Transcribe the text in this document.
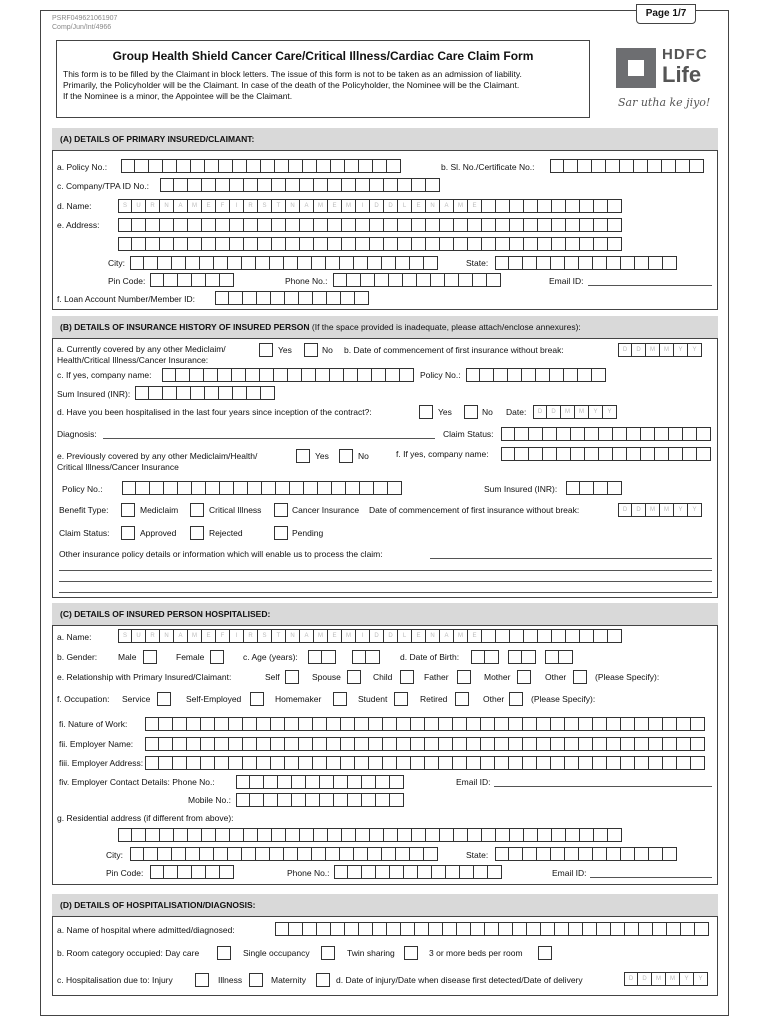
Page 1/7
PSRF049621061907
Comp/Jun/Int/4966
Group Health Shield Cancer Care/Critical Illness/Cardiac Care Claim Form
This form is to be filled by the Claimant in block letters. The issue of this form is not to be taken as an admission of liability.
Primarily, the Policyholder will be the Claimant. In case of the death of the Policyholder, the Nominee will be the Claimant.
If the Nominee is a minor, the Appointee will be the Claimant.
HDFC
Life
Sar utha ke jiyo!
(A) DETAILS OF PRIMARY INSURED/CLAIMANT:
a. Policy No.:	b. Sl. No./Certificate No.:
c. Company/TPA ID No.:
d. Name:	S	U	R	N	A	M	E	F	I	R	S	T	N	A	M	E	M	I	D	D	L	E	N	A	M	E
e. Address:
City:	State:
Pin Code:	Phone No.:	Email ID:
f. Loan Account Number/Member ID:
(B) DETAILS OF INSURANCE HISTORY OF INSURED PERSON (If the space provided is inadequate, please attach/enclose annexures):
a. Currently covered by any other Mediclaim/
Health/Critical Illness/Cancer Insurance:
Yes	No b. Date of commencement of first insurance without break:	D	D	M	M	Y	Y
c. If yes, company name:	Policy No.:
Sum Insured (INR):
d. Have you been hospitalised in the last four years since inception of the contract?:	Yes	No Date:	D	D	M	M	Y	Y
Diagnosis:	Claim Status:
e. Previously covered by any other Mediclaim/Health/
Critical Illness/Cancer Insurance
Yes	No	f. If yes, company name:
Policy No.:	Sum Insured (INR):
Benefit Type:	Mediclaim	Critical Illness	Cancer Insurance Date of commencement of first insurance without break:	D	D	M	M	Y	Y
Claim Status:	Approved	Rejected	Pending
Other insurance policy details or information which will enable us to process the claim:
(C) DETAILS OF INSURED PERSON HOSPITALISED:
a. Name:	S	U	R	N	A	M	E	F	I	R	S	T	N	A	M	E	M	I	D	D	L	E	N	A	M	E
b. Gender: Male	Female	c. Age (years):	d. Date of Birth:
e. Relationship with Primary Insured/Claimant:	Self	Spouse	Child	Father	Mother	Other	(Please Specify):
f. Occupation: Service	Self-Employed	Homemaker	Student	Retired	Other	(Please Specify):
fi. Nature of Work:
fii. Employer Name:
fiii. Employer Address:
fiv. Employer Contact Details: Phone No.:	Email ID:
Mobile No.:
g. Residential address (if different from above):
City:	State:
Pin Code:	Phone No.:	Email ID:
(D) DETAILS OF HOSPITALISATION/DIAGNOSIS:
a. Name of hospital where admitted/diagnosed:
b. Room category occupied: Day care	Single occupancy	Twin sharing	3 or more beds per room
c. Hospitalisation due to: Injury	Illness	Maternity	d. Date of injury/Date when disease first detected/Date of delivery	D	D	M	M	Y	Y
